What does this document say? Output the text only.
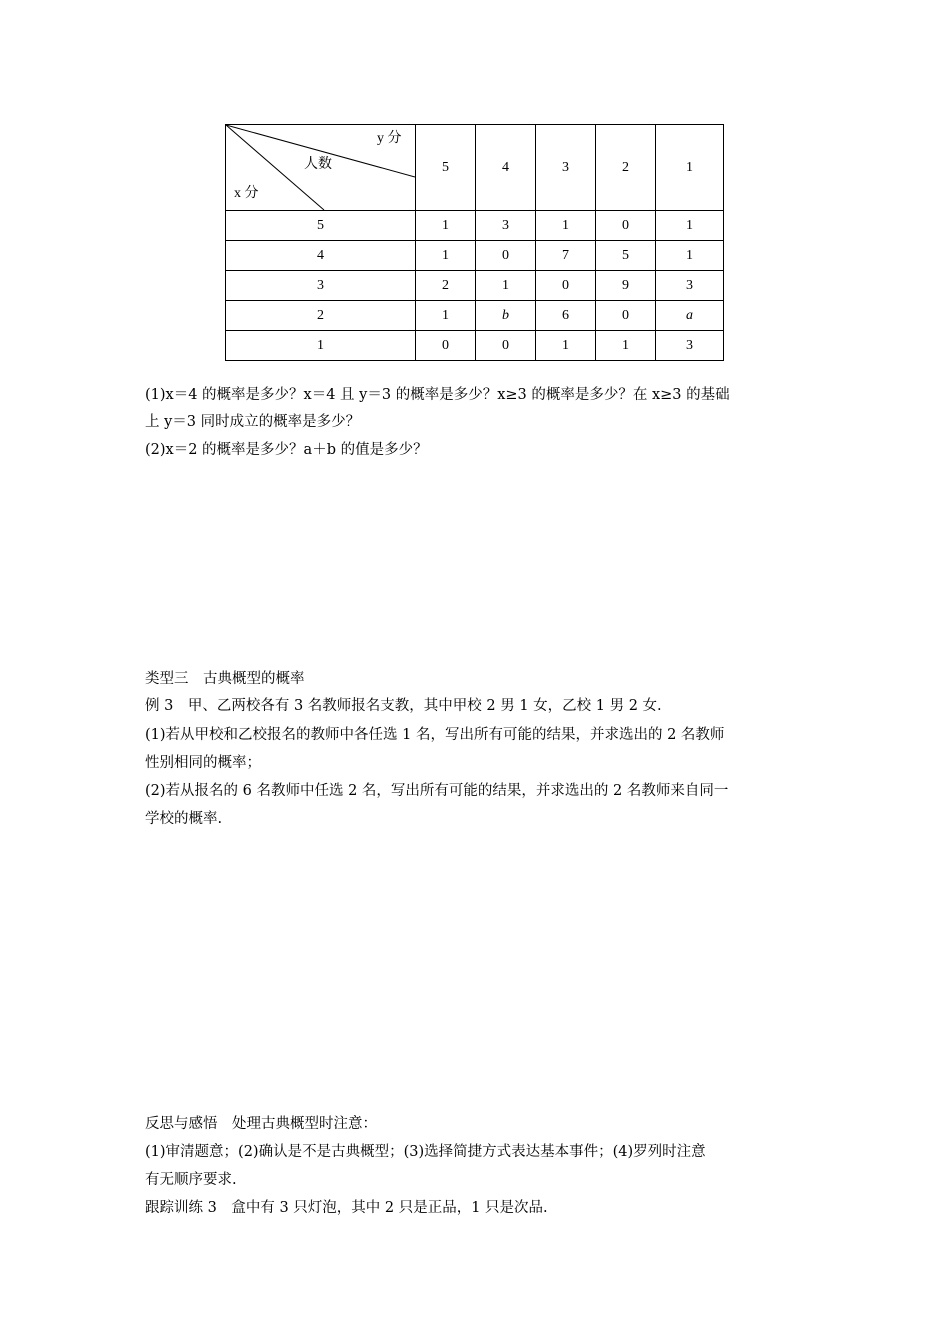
y 分
人数
x 分	5	4	3	2	1
5	1	3	1	0	1
4	1	0	7	5	1
3	2	1	0	9	3
2	1	b	6	0	a
1	0	0	1	1	3
(1)x＝4 的概率是多少？x＝4 且 y＝3 的概率是多少？x≥3 的概率是多少？在 x≥3 的基础
上 y＝3 同时成立的概率是多少？
(2)x＝2 的概率是多少？a＋b 的值是多少？
类型三　古典概型的概率
例 3　甲、乙两校各有 3 名教师报名支教，其中甲校 2 男 1 女，乙校 1 男 2 女.
(1)若从甲校和乙校报名的教师中各任选 1 名，写出所有可能的结果，并求选出的 2 名教师
性别相同的概率；
(2)若从报名的 6 名教师中任选 2 名，写出所有可能的结果，并求选出的 2 名教师来自同一
学校的概率.
反思与感悟　处理古典概型时注意：
(1)审清题意；(2)确认是不是古典概型；(3)选择简捷方式表达基本事件；(4)罗列时注意
有无顺序要求.
跟踪训练 3　盒中有 3 只灯泡，其中 2 只是正品，1 只是次品.
